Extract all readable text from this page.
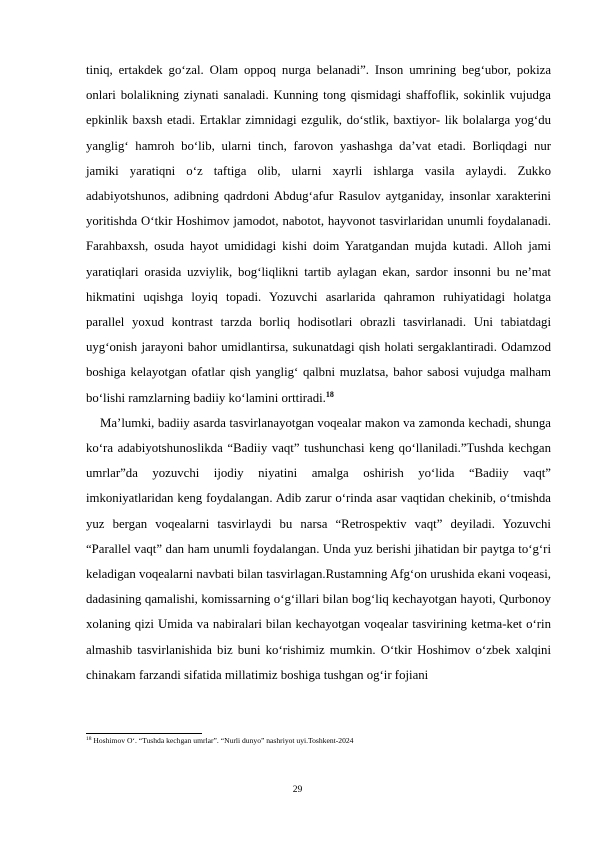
tiniq, ertakdek go‘zal. Olam oppoq nurga belanadi”. Inson umrining beg‘ubor, pokiza onlari bolalikning ziynati sanaladi. Kunning tong qismidagi shaffoflik, sokinlik vujudga epkinlik baxsh etadi. Ertaklar zimnidagi ezgulik, do‘stlik, baxtiyor- lik bolalarga yog‘du yanglig‘ hamroh bo‘lib, ularni tinch, farovon yashashga da’vat etadi. Borliqdagi nur jamiki yaratiqni o‘z taftiga olib, ularni xayrli ishlarga vasila aylaydi. Zukko adabiyotshunos, adibning qadrdoni Abdug‘afur Rasulov aytganiday, insonlar xarakterini yoritishda O‘tkir Hoshimov jamodot, nabotot, hayvonot tasvirlaridan unumli foydalanadi. Farahbaxsh, osuda hayot umididagi kishi doim Yaratgandan mujda kutadi. Alloh jami yaratiqlari orasida uzviylik, bog‘liqlikni tartib aylagan ekan, sardor insonni bu ne’mat hikmatini uqishga loyiq topadi. Yozuvchi asarlarida qahramon ruhiyatidagi holatga parallel yoxud kontrast tarzda borliq hodisotlari obrazli tasvirlanadi. Uni tabiatdagi uyg‘onish jarayoni bahor umidlantirsa, sukunatdagi qish holati sergaklantiradi. Odamzod boshiga kelayotgan ofatlar qish yanglig‘ qalbni muzlatsa, bahor sabosi vujudga malham bo‘lishi ramzlarning badiiy ko‘lamini orttiradi.$^{18}$

Ma’lumki, badiiy asarda tasvirlanayotgan voqealar makon va zamonda kechadi, shunga ko‘ra adabiyotshunoslikda “Badiiy vaqt” tushunchasi keng qo‘llaniladi.”Tushda kechgan umrlar”da yozuvchi ijodiy niyatini amalga oshirish yo‘lida “Badiiy vaqt” imkoniyatlaridan keng foydalangan. Adib zarur o‘rinda asar vaqtidan chekinib, o‘tmishda yuz bergan voqealarni tasvirlaydi bu narsa “Retrospektiv vaqt” deyiladi. Yozuvchi “Parallel vaqt” dan ham unumli foydalangan. Unda yuz berishi jihatidan bir paytga to‘g‘ri keladigan voqealarni navbati bilan tasvirlagan.Rustamning Afg‘on urushida ekani voqeasi, dadasining qamalishi, komissarning o‘g‘illari bilan bog‘liq kechayotgan hayoti, Qurbonoy xolaning qizi Umida va nabiralari bilan kechayotgan voqealar tasvirining ketma-ket o‘rin almashib tasvirlanishida biz buni ko‘rishimiz mumkin. O‘tkir Hoshimov o‘zbek xalqini chinakam farzandi sifatida millatimiz boshiga tushgan og‘ir fojiani

$^{18}$ Hoshimov O‘. “Tushda kechgan umrlar”. “Nurli dunyo” nashriyot uyi.Toshkent-2024
29
